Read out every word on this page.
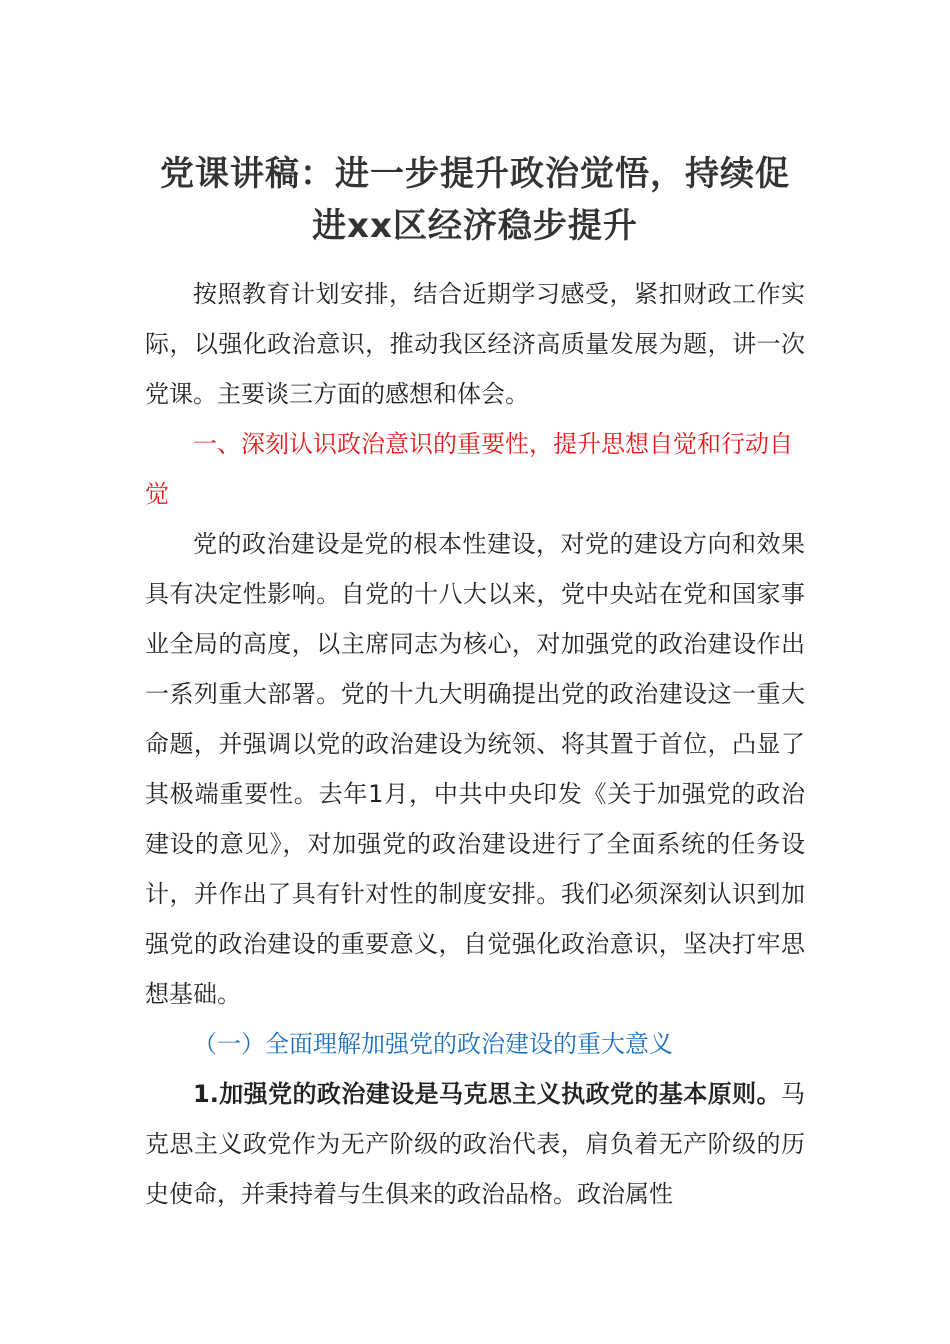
党课讲稿：进一步提升政治觉悟，持续促进xx区经济稳步提升

按照教育计划安排，结合近期学习感受，紧扣财政工作实际，以强化政治意识，推动我区经济高质量发展为题，讲一次党课。主要谈三方面的感想和体会。

一、深刻认识政治意识的重要性，提升思想自觉和行动自觉

党的政治建设是党的根本性建设，对党的建设方向和效果具有决定性影响。自党的十八大以来，党中央站在党和国家事业全局的高度，以主席同志为核心，对加强党的政治建设作出一系列重大部署。党的十九大明确提出党的政治建设这一重大命题，并强调以党的政治建设为统领、将其置于首位，凸显了其极端重要性。去年1月，中共中央印发《关于加强党的政治建设的意见》，对加强党的政治建设进行了全面系统的任务设计，并作出了具有针对性的制度安排。我们必须深刻认识到加强党的政治建设的重要意义，自觉强化政治意识，坚决打牢思想基础。

（一）全面理解加强党的政治建设的重大意义

1.加强党的政治建设是马克思主义执政党的基本原则。马克思主义政党作为无产阶级的政治代表，肩负着无产阶级的历史使命，并秉持着与生俱来的政治品格。政治属性
